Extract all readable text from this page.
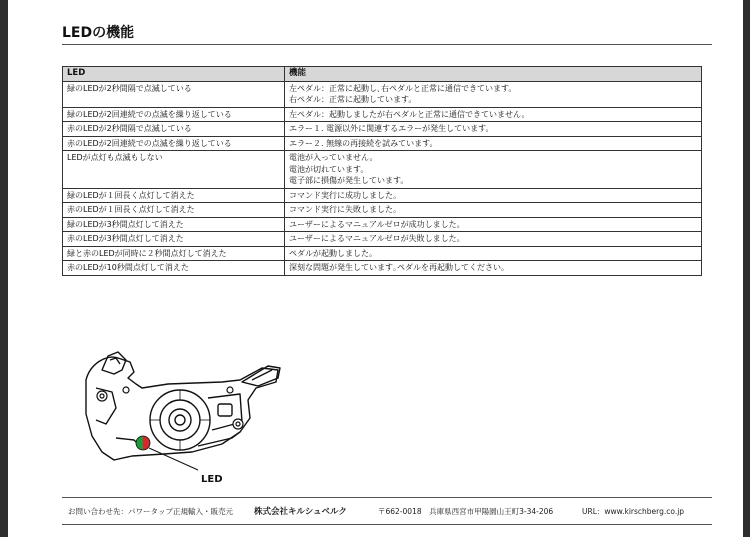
LEDの機能
LED	機能
緑のLEDが2秒間隔で点滅している	左ペダル：正常に起動し､右ペダルと正常に通信できています。
右ペダル：正常に起動しています。

緑のLEDが2回連続での点滅を繰り返している	左ペダル：起動しましたが右ペダルと正常に通信できていません。

赤のLEDが2秒間隔で点滅している	エラー１. 電源以外に関連するエラーが発生しています。

赤のLEDが2回連続での点滅を繰り返している	エラー２. 無線の再接続を試みています。

LEDが点灯も点滅もしない	電池が入っていません。
電池が切れています。
電子部に損傷が発生しています。

緑のLEDが１回長く点灯して消えた	コマンド実行に成功しました。

赤のLEDが１回長く点灯して消えた	コマンド実行に失敗しました。

緑のLEDが3秒間点灯して消えた	ユーザーによるマニュアルゼロが成功しました。

赤のLEDが3秒間点灯して消えた	ユーザーによるマニュアルゼロが失敗しました。

緑と赤のLEDが同時に２秒間点灯して消えた	ペダルが起動しました。

赤のLEDが10秒間点灯して消えた	深刻な問題が発生しています｡ペダルを再起動してください。
LED
お問い合わせ先：パワータップ正規輸入・販売元 株式会社キルシュベルク	〒662-0018　兵庫県西宮市甲陽園山王町3-34-206	URL：www.kirschberg.co.jp
